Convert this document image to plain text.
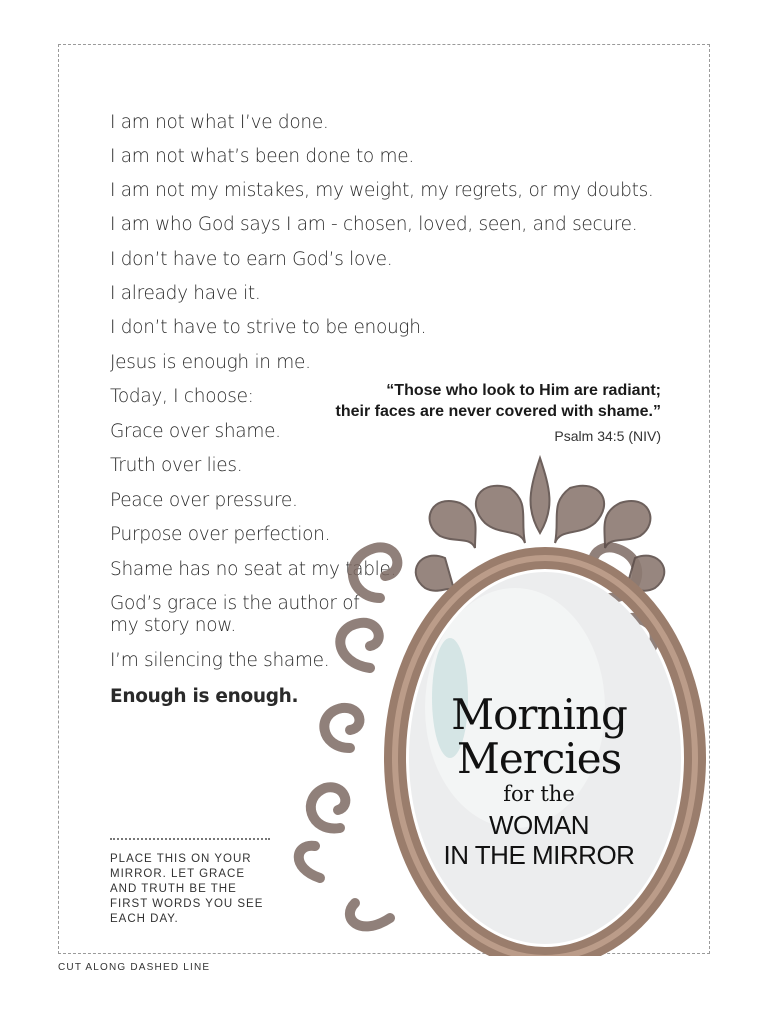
I am not what I’ve done.
I am not what’s been done to me.
I am not my mistakes, my weight, my regrets, or my doubts.
I am who God says I am - chosen, loved, seen, and secure.
I don’t have to earn God’s love.
I already have it.
I don’t have to strive to be enough.
Jesus is enough in me.
Today, I choose:
Grace over shame.
Truth over lies.
Peace over pressure.
Purpose over perfection.
Shame has no seat at my table.
God’s grace is the author of my story now.
I’m silencing the shame.
Enough is enough.
“Those who look to Him are radiant;
their faces are never covered with shame.”
Psalm 34:5 (NIV)
Morning
Mercies
for the
WOMAN
IN THE MIRROR
PLACE THIS ON YOUR MIRROR. LET GRACE AND TRUTH BE THE FIRST WORDS YOU SEE EACH DAY.
CUT ALONG DASHED LINE
